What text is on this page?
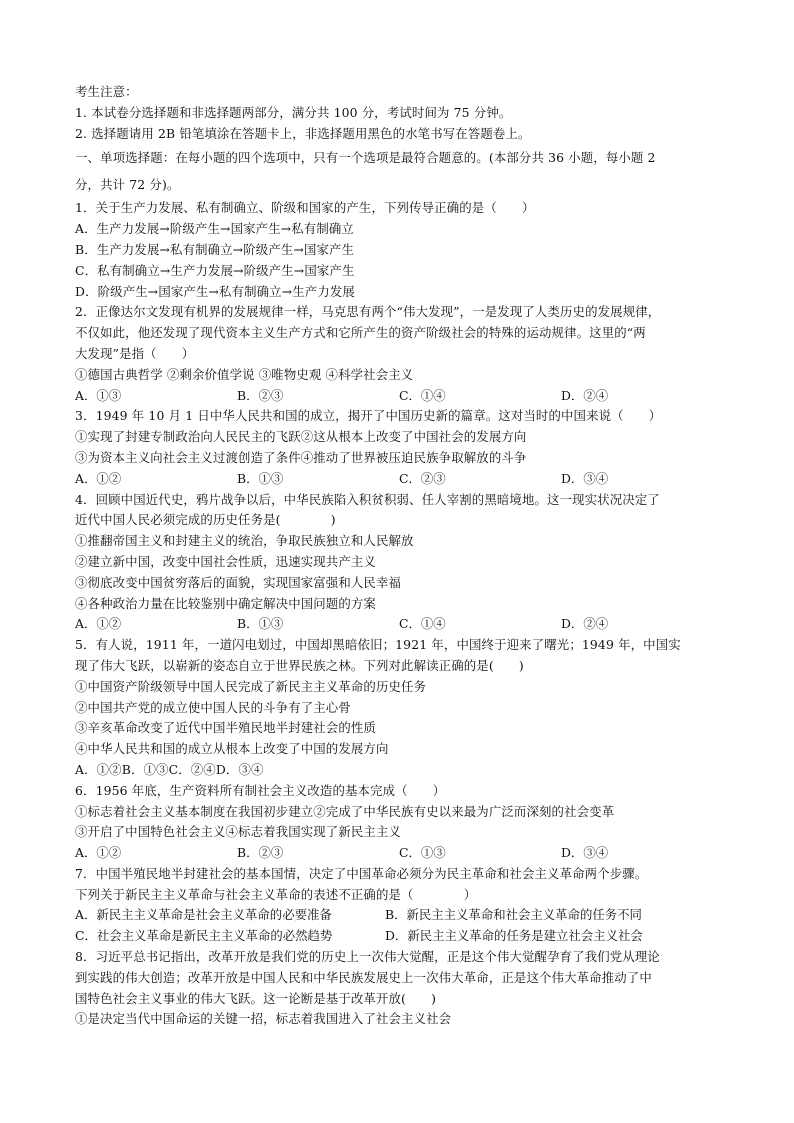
考生注意：
1. 本试卷分选择题和非选择题两部分，满分共 100 分，考试时间为 75 分钟。
2. 选择题请用 2B 铅笔填涂在答题卡上，非选择题用黑色的水笔书写在答题卷上。
一、单项选择题：在每小题的四个选项中，只有一个选项是最符合题意的。(本部分共 36 小题，每小题 2
分，共计 72 分)。
1．关于生产力发展、私有制确立、阶级和国家的产生，下列传导正确的是（　　）
A．生产力发展→阶级产生→国家产生→私有制确立
B．生产力发展→私有制确立→阶级产生→国家产生
C．私有制确立→生产力发展→阶级产生→国家产生
D．阶级产生→国家产生→私有制确立→生产力发展
2．正像达尔文发现有机界的发展规律一样，马克思有两个“伟大发现”，一是发现了人类历史的发展规律，
不仅如此，他还发现了现代资本主义生产方式和它所产生的资产阶级社会的特殊的运动规律。这里的“两
大发现”是指（　　）
①德国古典哲学 ②剩余价值学说 ③唯物史观 ④科学社会主义
A．①③	B．②③	C．①④	D．②④
3．1949 年 10 月 1 日中华人民共和国的成立，揭开了中国历史新的篇章。这对当时的中国来说（　　）
①实现了封建专制政治向人民民主的飞跃②这从根本上改变了中国社会的发展方向
③为资本主义向社会主义过渡创造了条件④推动了世界被压迫民族争取解放的斗争
A．①②	B．①③	C．②③	D．③④
4．回顾中国近代史，鸦片战争以后，中华民族陷入积贫积弱、任人宰割的黑暗境地。这一现实状况决定了
近代中国人民必须完成的历史任务是(　　　　)
①推翻帝国主义和封建主义的统治，争取民族独立和人民解放
②建立新中国，改变中国社会性质，迅速实现共产主义
③彻底改变中国贫穷落后的面貌，实现国家富强和人民幸福
④各种政治力量在比较鉴别中确定解决中国问题的方案
A．①②	B．①③	C．①④	D．②④
5．有人说，1911 年，一道闪电划过，中国却黑暗依旧；1921 年，中国终于迎来了曙光；1949 年，中国实
现了伟大飞跃，以崭新的姿态自立于世界民族之林。下列对此解读正确的是(　　)
①中国资产阶级领导中国人民完成了新民主主义革命的历史任务
②中国共产党的成立使中国人民的斗争有了主心骨
③辛亥革命改变了近代中国半殖民地半封建社会的性质
④中华人民共和国的成立从根本上改变了中国的发展方向
A．①②B．①③C．②④D．③④
6．1956 年底，生产资料所有制社会主义改造的基本完成（　　）
①标志着社会主义基本制度在我国初步建立②完成了中华民族有史以来最为广泛而深刻的社会变革
③开启了中国特色社会主义④标志着我国实现了新民主主义
A．①②	B．②③	C．①③	D．③④
7．中国半殖民地半封建社会的基本国情，决定了中国革命必须分为民主革命和社会主义革命两个步骤。
下列关于新民主主义革命与社会主义革命的表述不正确的是（　　　　）
A．新民主主义革命是社会主义革命的必要准备	B．新民主主义革命和社会主义革命的任务不同
C．社会主义革命是新民主主义革命的必然趋势	D．新民主主义革命的任务是建立社会主义社会
8．习近平总书记指出，改革开放是我们党的历史上一次伟大觉醒，正是这个伟大觉醒孕育了我们党从理论
到实践的伟大创造；改革开放是中国人民和中华民族发展史上一次伟大革命，正是这个伟大革命推动了中
国特色社会主义事业的伟大飞跃。这一论断是基于改革开放(　　)
①是决定当代中国命运的关键一招，标志着我国进入了社会主义社会
